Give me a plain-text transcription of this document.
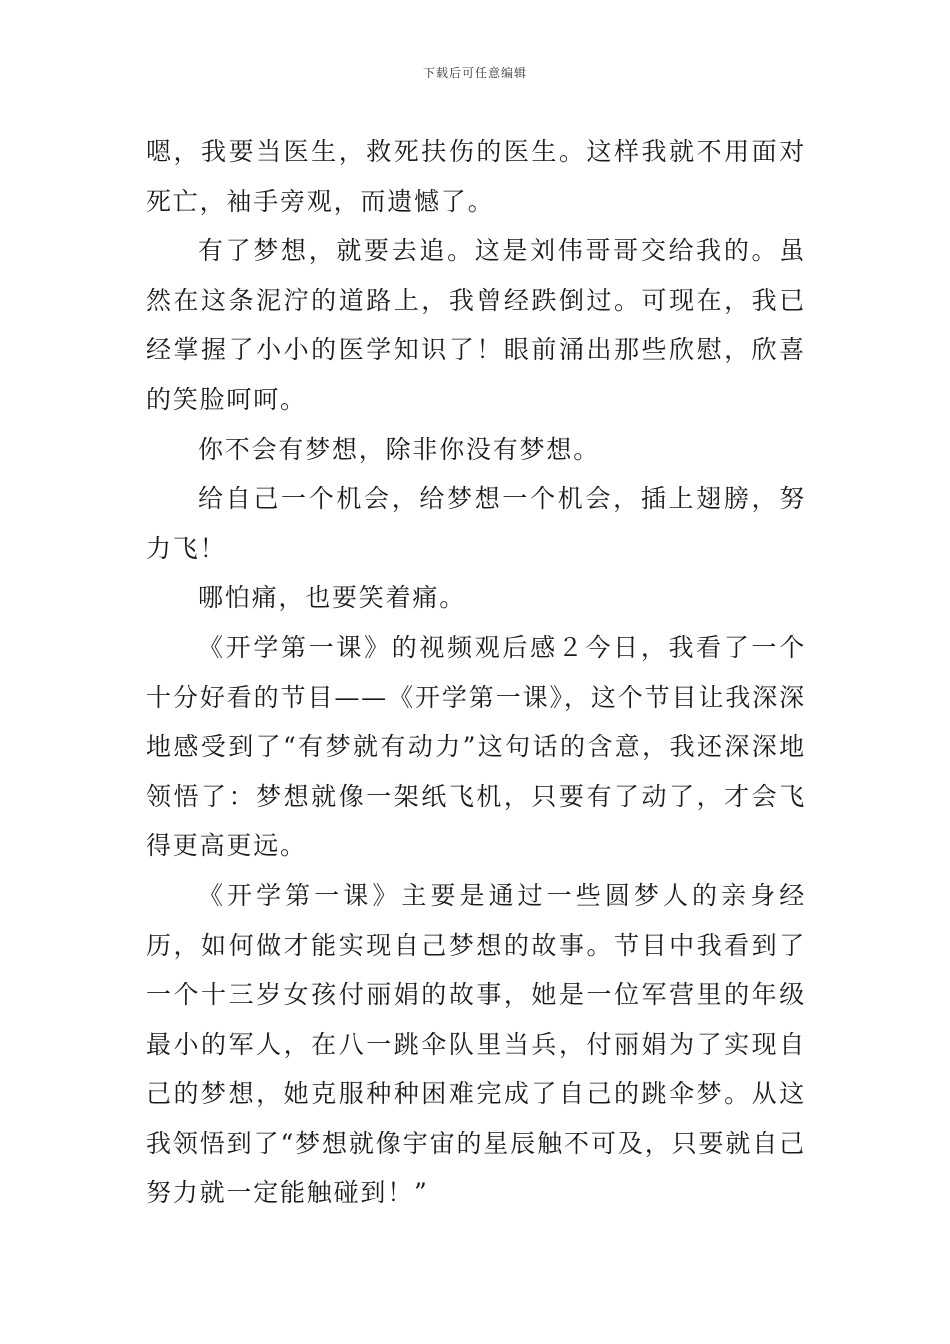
下载后可任意编辑

嗯，我要当医生，救死扶伤的医生。这样我就不用面对死亡，袖手旁观，而遗憾了。

有了梦想，就要去追。这是刘伟哥哥交给我的。虽然在这条泥泞的道路上，我曾经跌倒过。可现在，我已经掌握了小小的医学知识了！眼前涌出那些欣慰，欣喜的笑脸呵呵。

你不会有梦想，除非你没有梦想。

给自己一个机会，给梦想一个机会，插上翅膀，努力飞！

哪怕痛，也要笑着痛。

《开学第一课》的视频观后感２今日，我看了一个十分好看的节目——《开学第一课》，这个节目让我深深地感受到了“有梦就有动力”这句话的含意，我还深深地领悟了：梦想就像一架纸飞机，只要有了动了，才会飞得更高更远。

《开学第一课》主要是通过一些圆梦人的亲身经历，如何做才能实现自己梦想的故事。节目中我看到了一个十三岁女孩付丽娟的故事，她是一位军营里的年级最小的军人，在八一跳伞队里当兵，付丽娟为了实现自己的梦想，她克服种种困难完成了自己的跳伞梦。从这我领悟到了“梦想就像宇宙的星辰触不可及，只要就自己努力就一定能触碰到！”
